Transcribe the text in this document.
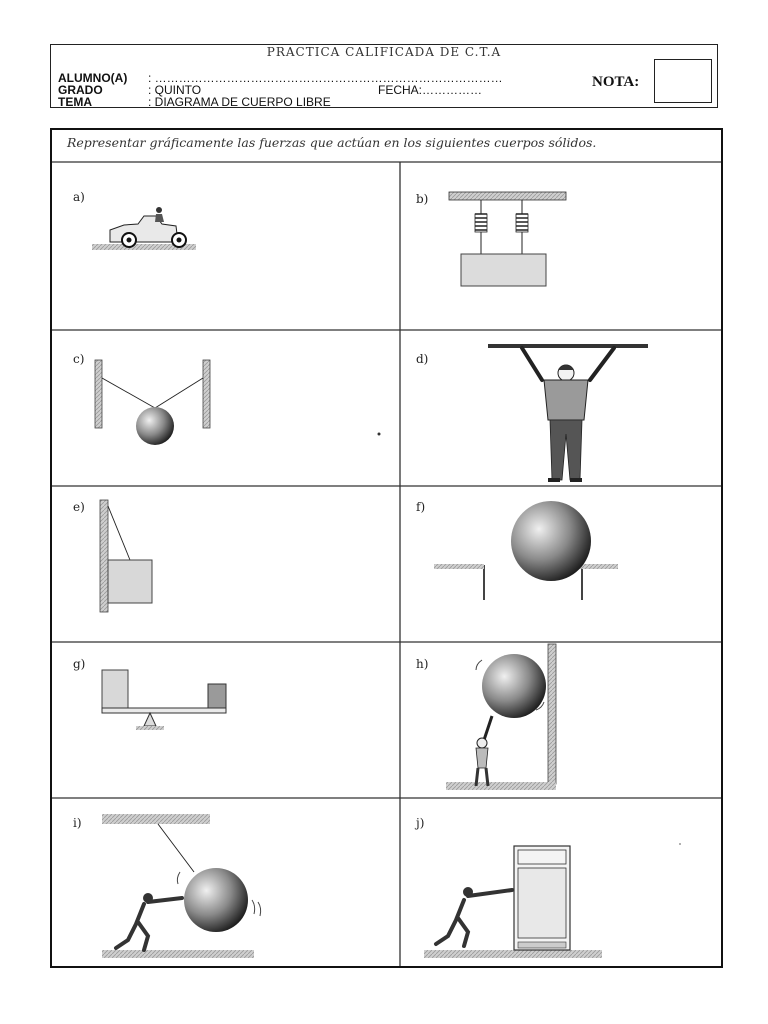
PRACTICA CALIFICADA DE C.T.A
ALUMNO(A) : ……………………………………………………………………………
GRADO	: QUINTO	FECHA:……………
TEMA	: DIAGRAMA DE CUERPO LIBRE
NOTA:
Representar gráficamente las fuerzas que actúan en los siguientes cuerpos sólidos.
a)	b)
c)	d)
e)	f)
g)	h)
i)	j)
